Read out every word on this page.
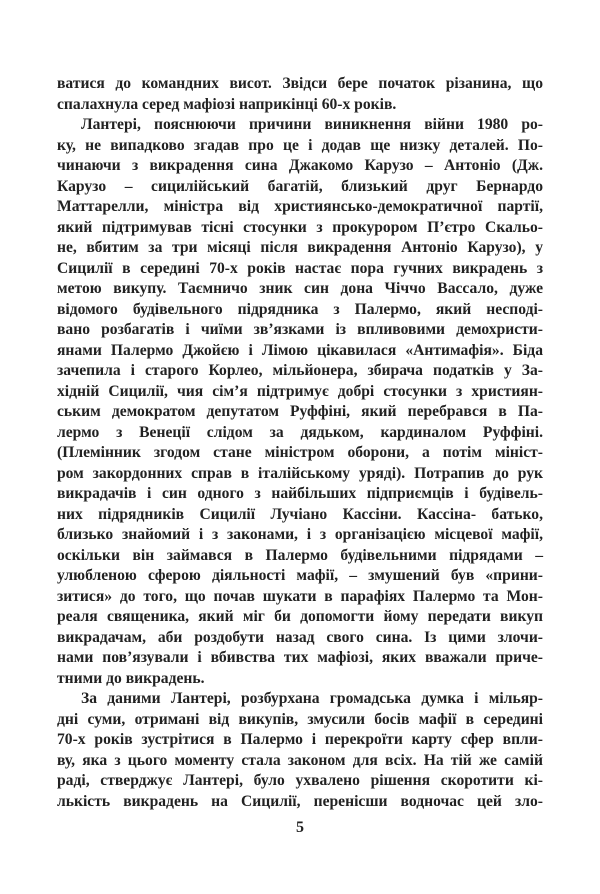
ватися до командних висот. Звідси бере початок різанина, що
спалахнула серед мафіозі наприкінці 60-х років.
Лантері, пояснюючи причини виникнення війни 1980 ро-
ку, не випадково згадав про це і додав ще низку деталей. По-
чинаючи з викрадення сина Джакомо Карузо – Антоніо (Дж.
Карузо – сицилійський багатій, близький друг Бернардо
Маттарелли, міністра від християнсько-демократичної партії,
який підтримував тісні стосунки з прокурором П’єтро Скальо-
не, вбитим за три місяці після викрадення Антоніо Карузо), у
Сицилії в середині 70-х років настає пора гучних викрадень з
метою викупу. Таємничо зник син дона Чіччо Вассало, дуже
відомого будівельного підрядника з Палермо, який несподі-
вано розбагатів і чиїми зв’язками із впливовими демохристи-
янами Палермо Джойєю і Лімою цікавилася «Антимафія». Біда
зачепила і старого Корлео, мільйонера, збирача податків у За-
хідній Сицилії, чия сім’я підтримує добрі стосунки з християн-
ським демократом депутатом Руффіні, який перебрався в Па-
лермо з Венеції слідом за дядьком, кардиналом Руффіні.
(Племінник згодом стане міністром оборони, а потім мініст-
ром закордонних справ в італійському уряді). Потрапив до рук
викрадачів і син одного з найбільших підприємців і будівель-
них підрядників Сицилії Лучіано Кассіни. Кассіна- батько,
близько знайомий і з законами, і з організацією місцевої мафії,
оскільки він займався в Палермо будівельними підрядами –
улюбленою сферою діяльності мафії, – змушений був «прини-
зитися» до того, що почав шукати в парафіях Палермо та Мон-
реаля священика, який міг би допомогти йому передати викуп
викрадачам, аби роздобути назад свого сина. Із цими злочи-
нами пов’язували і вбивства тих мафіозі, яких вважали приче-
тними до викрадень.
За даними Лантері, розбурхана громадська думка і мільяр-
дні суми, отримані від викупів, змусили босів мафії в середині
70-х років зустрітися в Палермо і перекроїти карту сфер впли-
ву, яка з цього моменту стала законом для всіх. На тій же самій
раді, стверджує Лантері, було ухвалено рішення скоротити кі-
лькість викрадень на Сицилії, перенісши водночас цей зло-
5
